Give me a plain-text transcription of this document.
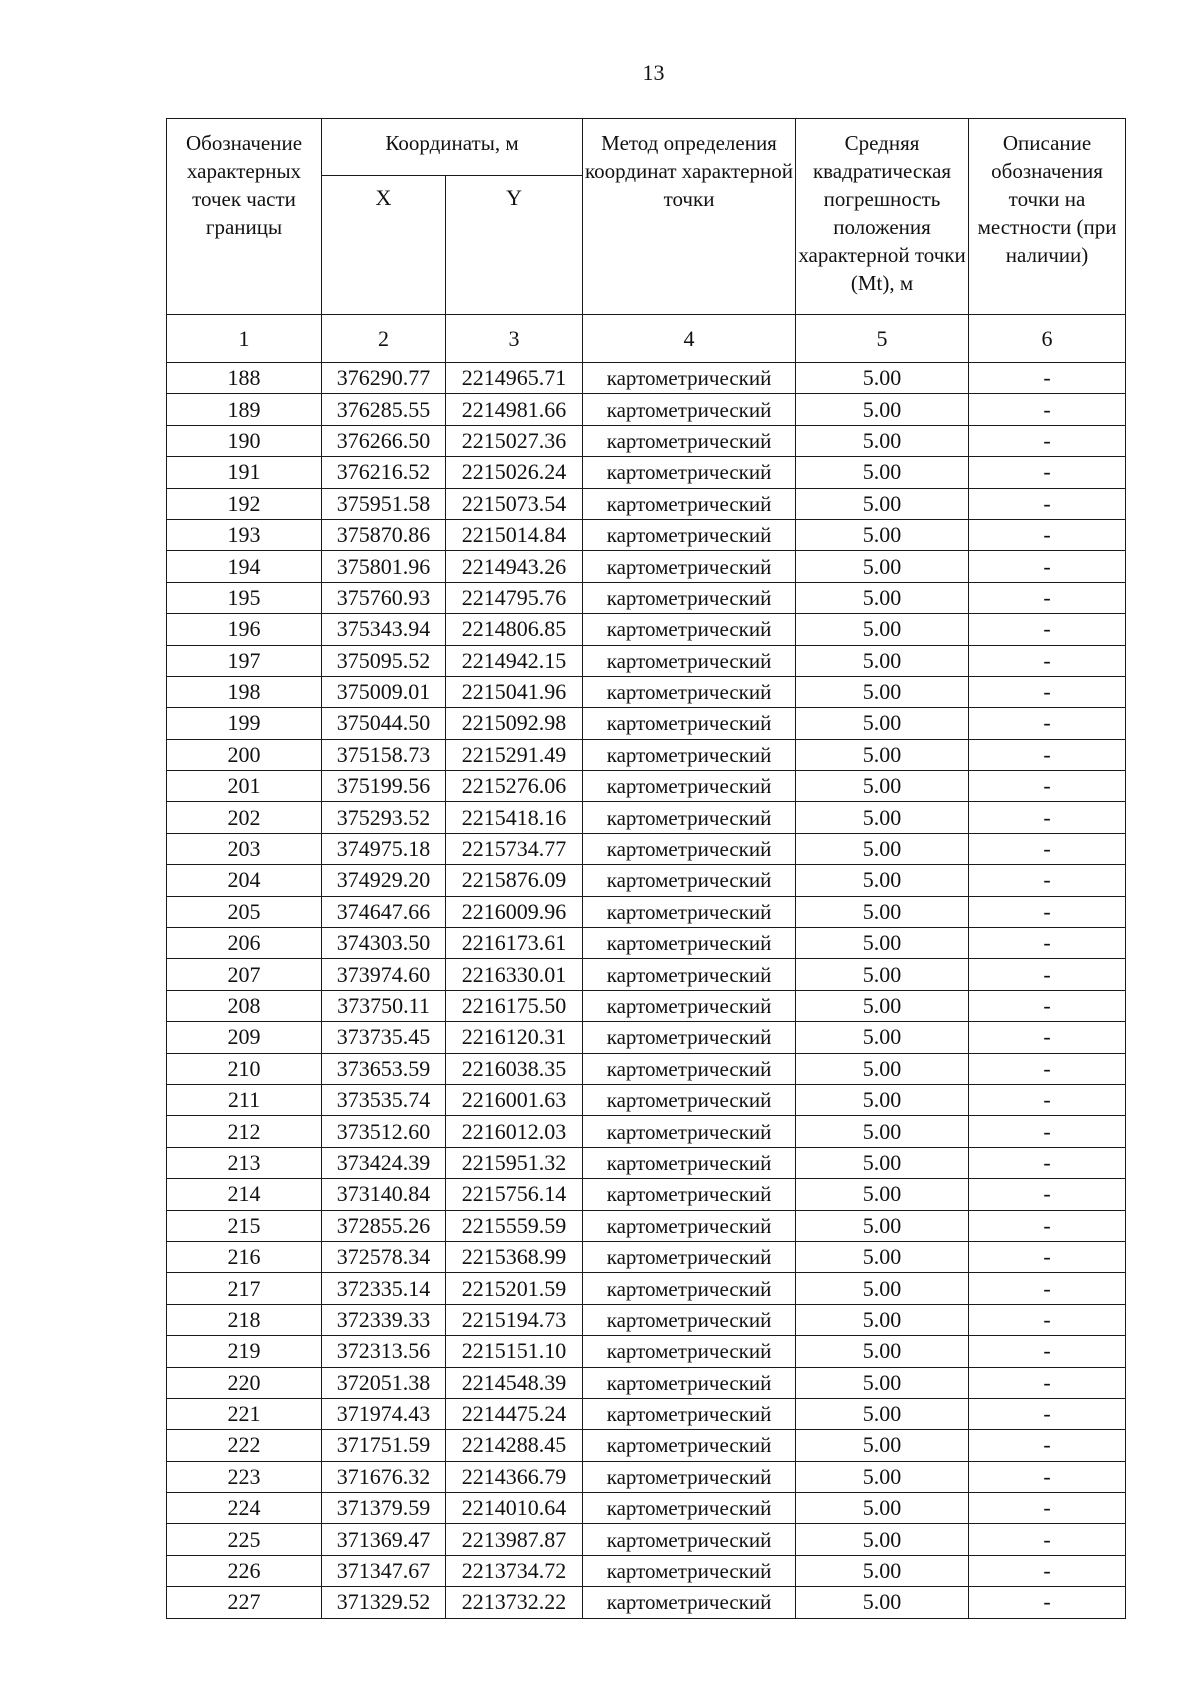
13
Обозначение характерных точек части границы	Координаты, м		Метод определения координат характерной точки	Средняя квадратическая погрешность положения характерной точки (Mt), м	Описание обозначения точки на местности (при наличии)
	X	Y			
1	2	3	4	5	6
188	376290.77	2214965.71	картометрический	5.00	-
189	376285.55	2214981.66	картометрический	5.00	-
190	376266.50	2215027.36	картометрический	5.00	-
191	376216.52	2215026.24	картометрический	5.00	-
192	375951.58	2215073.54	картометрический	5.00	-
193	375870.86	2215014.84	картометрический	5.00	-
194	375801.96	2214943.26	картометрический	5.00	-
195	375760.93	2214795.76	картометрический	5.00	-
196	375343.94	2214806.85	картометрический	5.00	-
197	375095.52	2214942.15	картометрический	5.00	-
198	375009.01	2215041.96	картометрический	5.00	-
199	375044.50	2215092.98	картометрический	5.00	-
200	375158.73	2215291.49	картометрический	5.00	-
201	375199.56	2215276.06	картометрический	5.00	-
202	375293.52	2215418.16	картометрический	5.00	-
203	374975.18	2215734.77	картометрический	5.00	-
204	374929.20	2215876.09	картометрический	5.00	-
205	374647.66	2216009.96	картометрический	5.00	-
206	374303.50	2216173.61	картометрический	5.00	-
207	373974.60	2216330.01	картометрический	5.00	-
208	373750.11	2216175.50	картометрический	5.00	-
209	373735.45	2216120.31	картометрический	5.00	-
210	373653.59	2216038.35	картометрический	5.00	-
211	373535.74	2216001.63	картометрический	5.00	-
212	373512.60	2216012.03	картометрический	5.00	-
213	373424.39	2215951.32	картометрический	5.00	-
214	373140.84	2215756.14	картометрический	5.00	-
215	372855.26	2215559.59	картометрический	5.00	-
216	372578.34	2215368.99	картометрический	5.00	-
217	372335.14	2215201.59	картометрический	5.00	-
218	372339.33	2215194.73	картометрический	5.00	-
219	372313.56	2215151.10	картометрический	5.00	-
220	372051.38	2214548.39	картометрический	5.00	-
221	371974.43	2214475.24	картометрический	5.00	-
222	371751.59	2214288.45	картометрический	5.00	-
223	371676.32	2214366.79	картометрический	5.00	-
224	371379.59	2214010.64	картометрический	5.00	-
225	371369.47	2213987.87	картометрический	5.00	-
226	371347.67	2213734.72	картометрический	5.00	-
227	371329.52	2213732.22	картометрический	5.00	-
